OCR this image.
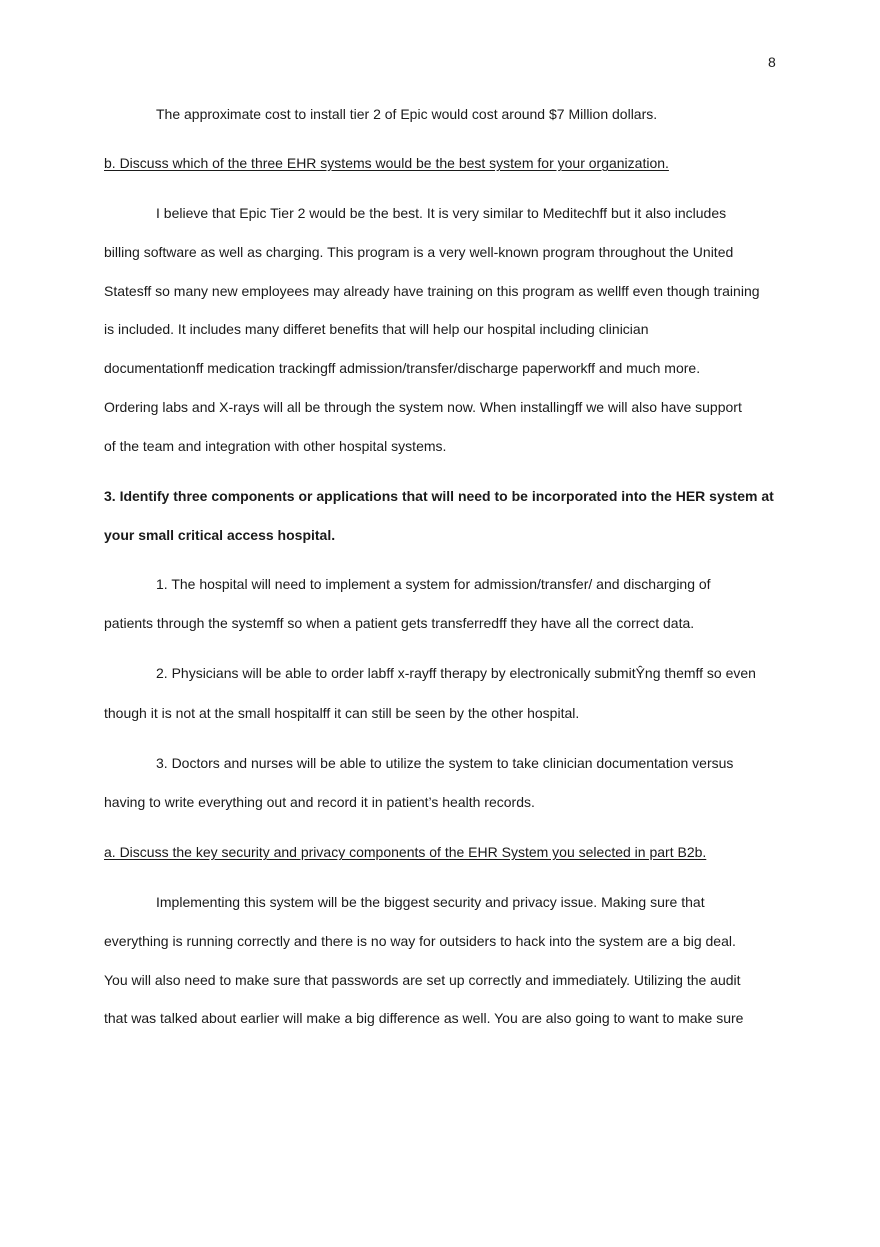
8
The approximate cost to install tier 2 of Epic would cost around $7 Million dollars.
b. Discuss which of the three EHR systems would be the best system for your organization.
I believe that Epic Tier 2 would be the best. It is very similar to Meditechff but it also includes
billing software as well as charging. This program is a very well-known program throughout the United
Statesff so many new employees may already have training on this program as wellff even though training
is included. It includes many differet benefits that will help our hospital including clinician
documentationff medication trackingff admission/transfer/discharge paperworkff and much more.
Ordering labs and X-rays will all be through the system now. When installingff we will also have support
of the team and integration with other hospital systems.
3. Identify three components or applications that will need to be incorporated into the HER system at
your small critical access hospital.
1. The hospital will need to implement a system for admission/transfer/ and discharging of
patients through the systemff so when a patient gets transferredff they have all the correct data.
2. Physicians will be able to order labff x-rayff therapy by electronically submitŶng themff so even
though it is not at the small hospitalff it can still be seen by the other hospital.
3. Doctors and nurses will be able to utilize the system to take clinician documentation versus
having to write everything out and record it in patient’s health records.
a. Discuss the key security and privacy components of the EHR System you selected in part B2b.
Implementing this system will be the biggest security and privacy issue. Making sure that
everything is running correctly and there is no way for outsiders to hack into the system are a big deal.
You will also need to make sure that passwords are set up correctly and immediately. Utilizing the audit
that was talked about earlier will make a big difference as well. You are also going to want to make sure
